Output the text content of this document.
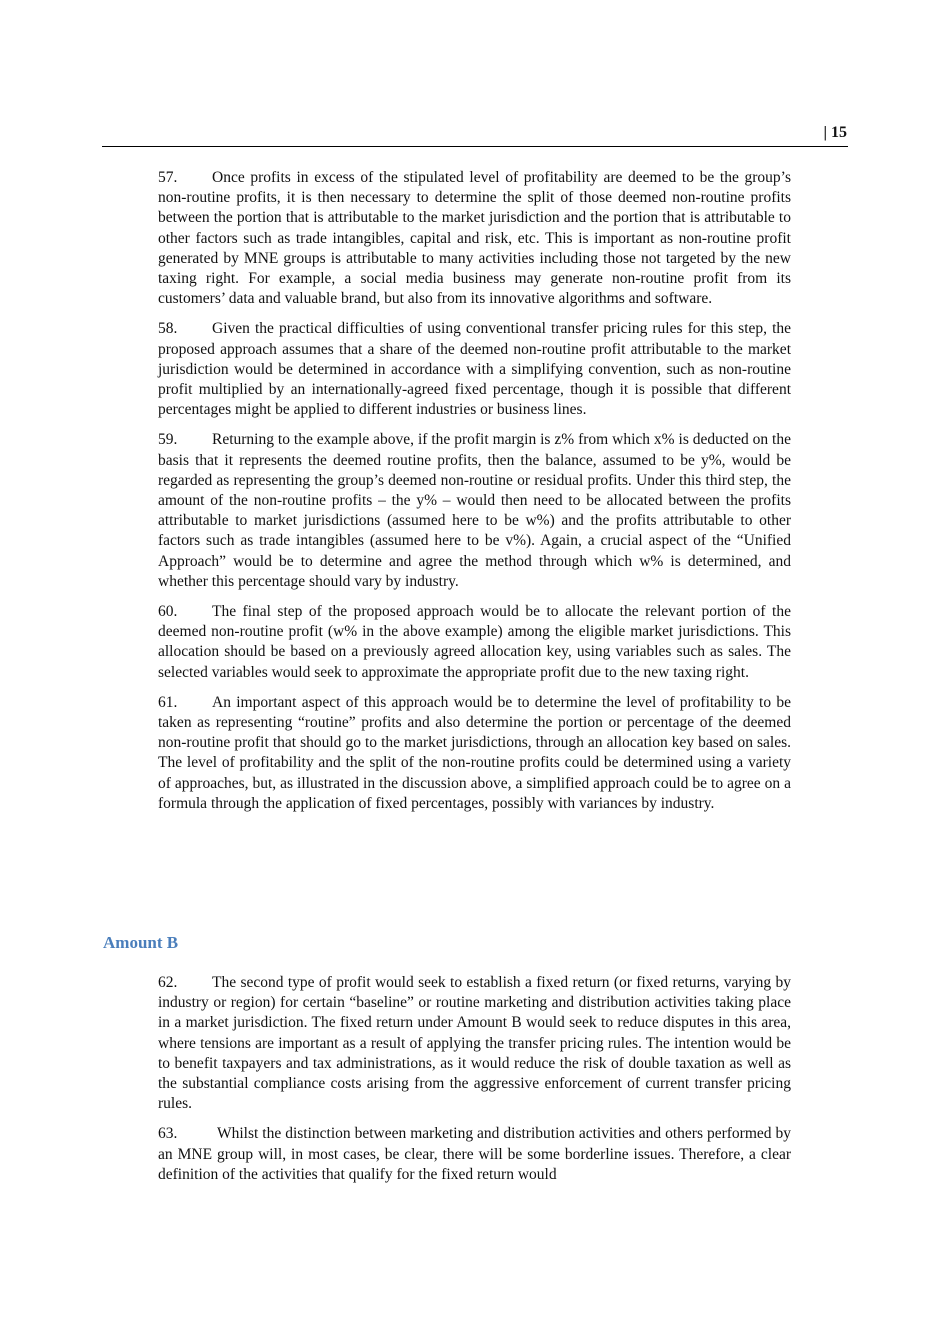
| 15

57. Once profits in excess of the stipulated level of profitability are deemed to be the group’s non-routine profits, it is then necessary to determine the split of those deemed non-routine profits between the portion that is attributable to the market jurisdiction and the portion that is attributable to other factors such as trade intangibles, capital and risk, etc. This is important as non-routine profit generated by MNE groups is attributable to many activities including those not targeted by the new taxing right. For example, a social media business may generate non-routine profit from its customers’ data and valuable brand, but also from its innovative algorithms and software.

58. Given the practical difficulties of using conventional transfer pricing rules for this step, the proposed approach assumes that a share of the deemed non-routine profit attributable to the market jurisdiction would be determined in accordance with a simplifying convention, such as non-routine profit multiplied by an internationally-agreed fixed percentage, though it is possible that different percentages might be applied to different industries or business lines.

59. Returning to the example above, if the profit margin is z% from which x% is deducted on the basis that it represents the deemed routine profits, then the balance, assumed to be y%, would be regarded as representing the group’s deemed non-routine or residual profits. Under this third step, the amount of the non-routine profits – the y% – would then need to be allocated between the profits attributable to market jurisdictions (assumed here to be w%) and the profits attributable to other factors such as trade intangibles (assumed here to be v%). Again, a crucial aspect of the “Unified Approach” would be to determine and agree the method through which w% is determined, and whether this percentage should vary by industry.

60. The final step of the proposed approach would be to allocate the relevant portion of the deemed non-routine profit (w% in the above example) among the eligible market jurisdictions. This allocation should be based on a previously agreed allocation key, using variables such as sales. The selected variables would seek to approximate the appropriate profit due to the new taxing right.

61. An important aspect of this approach would be to determine the level of profitability to be taken as representing “routine” profits and also determine the portion or percentage of the deemed non-routine profit that should go to the market jurisdictions, through an allocation key based on sales. The level of profitability and the split of the non-routine profits could be determined using a variety of approaches, but, as illustrated in the discussion above, a simplified approach could be to agree on a formula through the application of fixed percentages, possibly with variances by industry.

Amount B

62. The second type of profit would seek to establish a fixed return (or fixed returns, varying by industry or region) for certain “baseline” or routine marketing and distribution activities taking place in a market jurisdiction. The fixed return under Amount B would seek to reduce disputes in this area, where tensions are important as a result of applying the transfer pricing rules. The intention would be to benefit taxpayers and tax administrations, as it would reduce the risk of double taxation as well as the substantial compliance costs arising from the aggressive enforcement of current transfer pricing rules.

63.	Whilst the distinction between marketing and distribution activities and others performed by an MNE group will, in most cases, be clear, there will be some borderline issues. Therefore, a clear definition of the activities that qualify for the fixed return would
